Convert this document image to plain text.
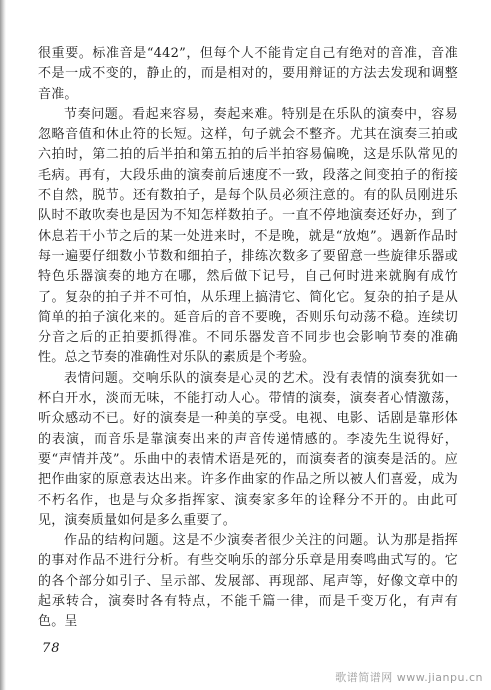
很重要。标准音是“442”，但每个人不能肯定自己有绝对的音准，音准不是一成不变的，静止的，而是相对的，要用辩证的方法去发现和调整音准。

节奏问题。看起来容易，奏起来难。特别是在乐队的演奏中，容易忽略音值和休止符的长短。这样，句子就会不整齐。尤其在演奏三拍或六拍时，第二拍的后半拍和第五拍的后半拍容易偏晚，这是乐队常见的毛病。再有，大段乐曲的演奏前后速度不一致，段落之间变拍子的衔接不自然，脱节。还有数拍子，是每个队员必须注意的。有的队员刚进乐队时不敢吹奏也是因为不知怎样数拍子。一直不停地演奏还好办，到了休息若干小节之后的某一处进来时，不是晚，就是“放炮”。遇新作品时每一遍要仔细数小节数和细拍子，排练次数多了要留意一些旋律乐器或特色乐器演奏的地方在哪，然后做下记号，自己何时进来就胸有成竹了。复杂的拍子并不可怕，从乐理上搞清它、简化它。复杂的拍子是从简单的拍子演化来的。延音后的音不要晚，否则乐句动荡不稳。连续切分音之后的正拍要抓得准。不同乐器发音不同步也会影响节奏的准确性。总之节奏的准确性对乐队的素质是个考验。

表情问题。交响乐队的演奏是心灵的艺术。没有表情的演奏犹如一杯白开水，淡而无味，不能打动人心。带情的演奏，演奏者心情激荡，听众感动不已。好的演奏是一种美的享受。电视、电影、话剧是靠形体的表演，而音乐是靠演奏出来的声音传递情感的。李凌先生说得好，要“声情并茂”。乐曲中的表情术语是死的，而演奏者的演奏是活的。应把作曲家的原意表达出来。许多作曲家的作品之所以被人们喜爱，成为不朽名作，也是与众多指挥家、演奏家多年的诠释分不开的。由此可见，演奏质量如何是多么重要了。

作品的结构问题。这是不少演奏者很少关注的问题。认为那是指挥的事对作品不进行分析。有些交响乐的部分乐章是用奏鸣曲式写的。它的各个部分如引子、呈示部、发展部、再现部、尾声等，好像文章中的起承转合，演奏时各有特点，不能千篇一律，而是千变万化，有声有色。呈

78
歌谱简谱网 www.jianpu.cn
